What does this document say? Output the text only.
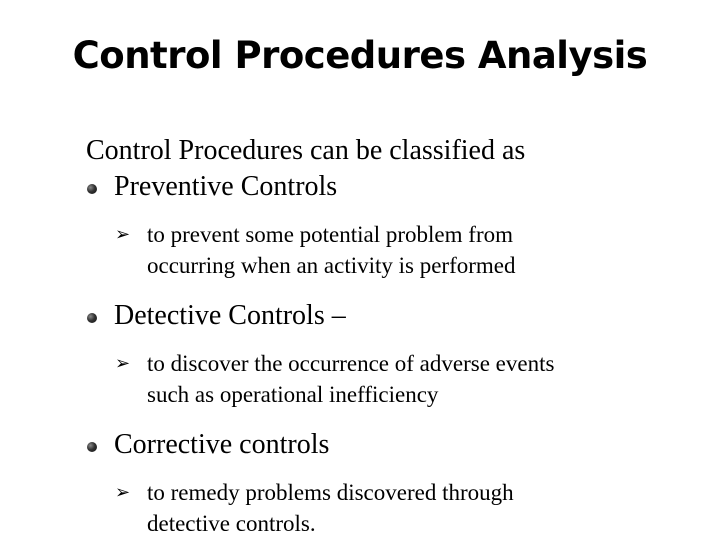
Control Procedures Analysis

Control Procedures can be classified as

Preventive Controls
➢ to prevent some potential problem from
occurring when an activity is performed
Detective Controls –
➢ to discover the occurrence of adverse events
such as operational inefficiency
Corrective controls
➢ to remedy problems discovered through
detective controls.
